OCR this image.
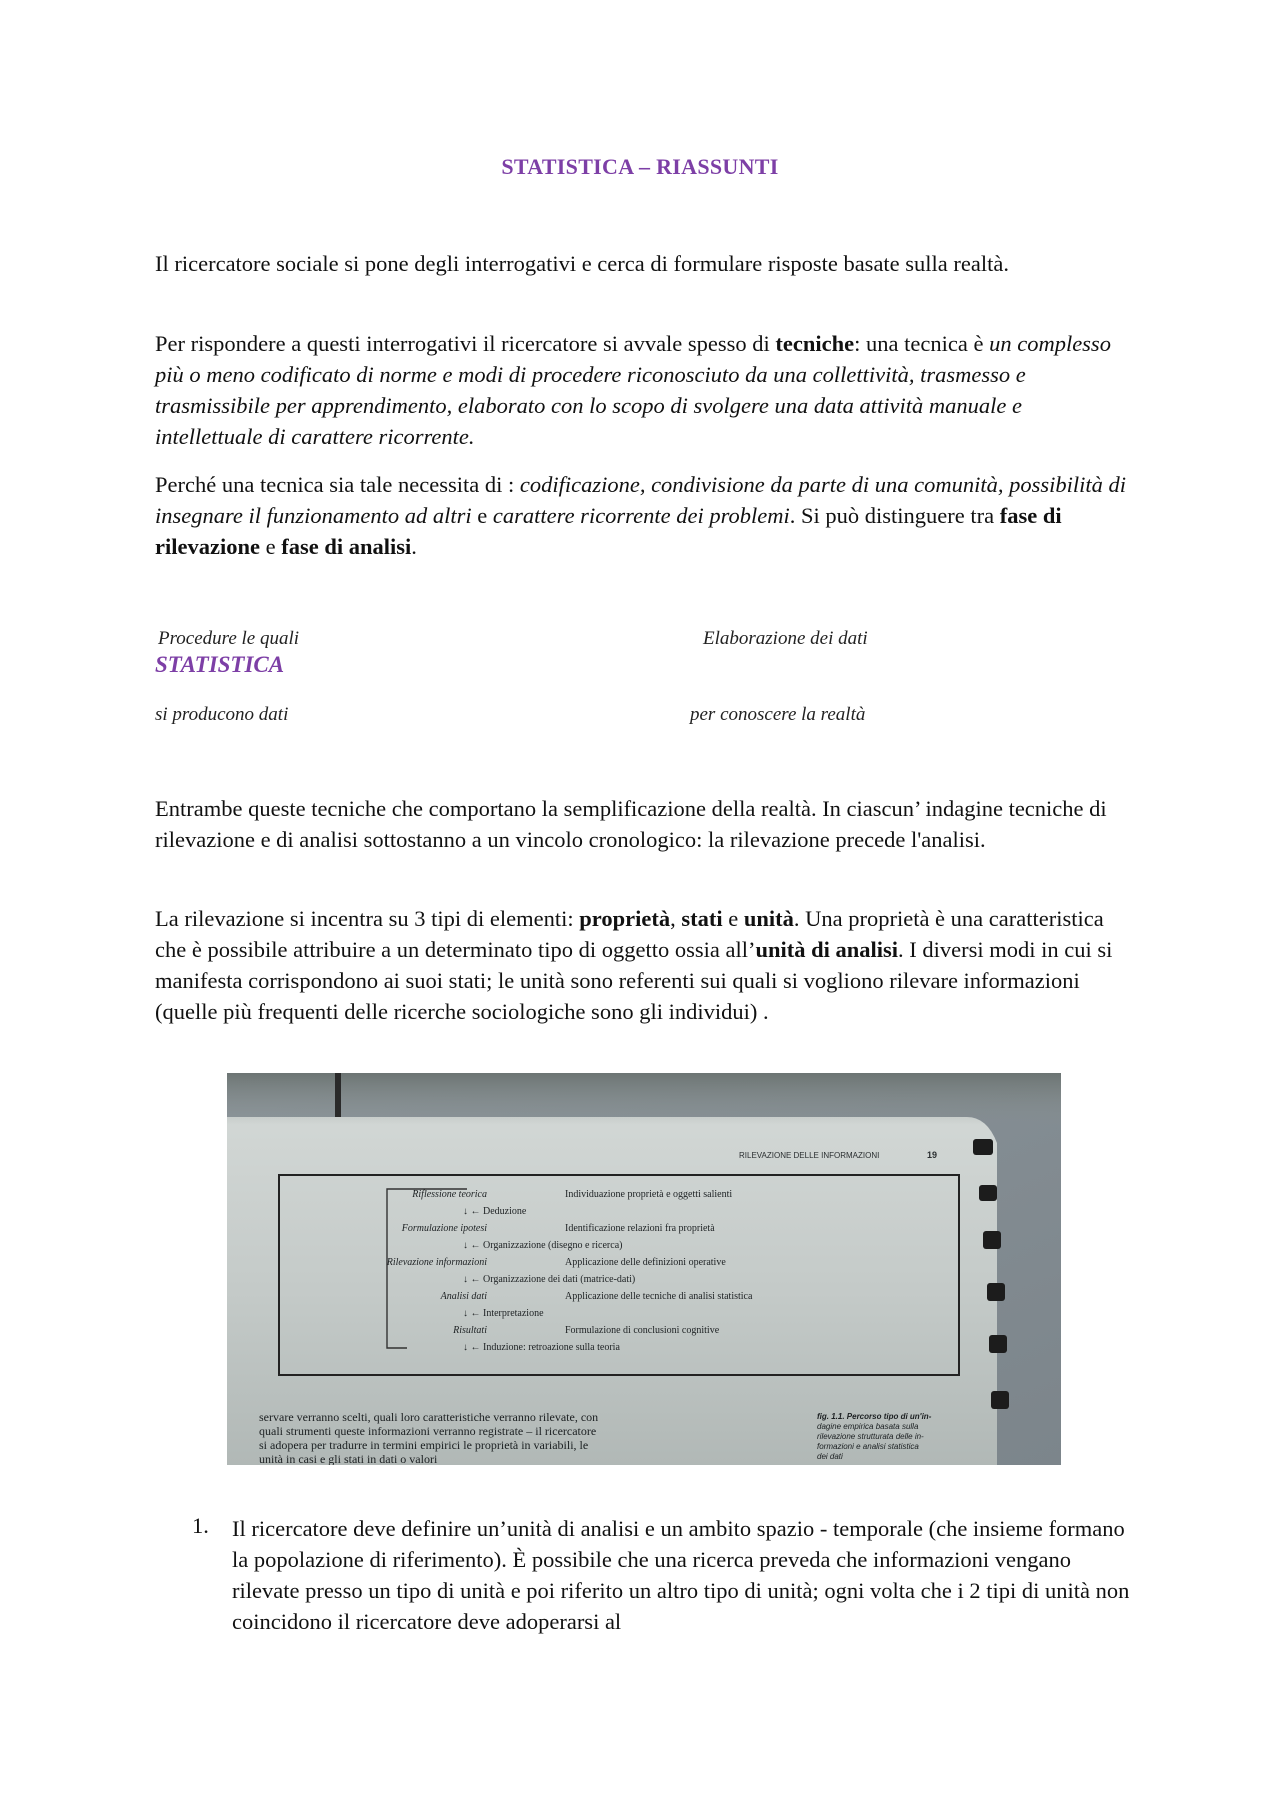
STATISTICA – RIASSUNTI

Il ricercatore sociale si pone degli interrogativi e cerca di formulare risposte basate sulla realtà.

Per rispondere a questi interrogativi il ricercatore si avvale spesso di tecniche: una tecnica è un complesso più o meno codificato di norme e modi di procedere riconosciuto da una collettività, trasmesso e trasmissibile per apprendimento, elaborato con lo scopo di svolgere una data attività manuale e intellettuale di carattere ricorrente.

Perché una tecnica sia tale necessita di : codificazione, condivisione da parte di una comunità, possibilità di insegnare il funzionamento ad altri e carattere ricorrente dei problemi. Si può distinguere tra fase di rilevazione e fase di analisi.

Procedure le quali	Elaborazione dei dati
STATISTICA
si producono dati	per conoscere la realtà

Entrambe queste tecniche che comportano la semplificazione della realtà. In ciascun’ indagine tecniche di rilevazione e di analisi sottostanno a un vincolo cronologico: la rilevazione precede l'analisi.

La rilevazione si incentra su 3 tipi di elementi: proprietà, stati e unità. Una proprietà è una caratteristica che è possibile attribuire a un determinato tipo di oggetto ossia all’unità di analisi. I diversi modi in cui si manifesta corrispondono ai suoi stati; le unità sono referenti sui quali si vogliono rilevare informazioni (quelle più frequenti delle ricerche sociologiche sono gli individui) .

RILEVAZIONE DELLE INFORMAZIONI	19
Riflessione teorica	Individuazione proprietà e oggetti salienti
↓ ← Deduzione
Formulazione ipotesi	Identificazione relazioni fra proprietà
↓ ← Organizzazione (disegno e ricerca)
Rilevazione informazioni	Applicazione delle definizioni operative
↓ ← Organizzazione dei dati (matrice-dati)
Analisi dati	Applicazione delle tecniche di analisi statistica
↓ ← Interpretazione
Risultati	Formulazione di conclusioni cognitive
↓ ← Induzione: retroazione sulla teoria
servare verranno scelti, quali loro caratteristiche verranno rilevate, con
quali strumenti queste informazioni verranno registrate – il ricercatore
si adopera per tradurre in termini empirici le proprietà in variabili, le
unità in casi e gli stati in dati o valori
fig. 1.1. Percorso tipo di un'in-
dagine empirica basata sulla
rilevazione strutturata delle in-
formazioni e analisi statistica
dei dati
1. Il ricercatore deve definire un’unità di analisi e un ambito spazio - temporale (che insieme formano la popolazione di riferimento). È possibile che una ricerca preveda che informazioni vengano rilevate presso un tipo di unità e poi riferito un altro tipo di unità; ogni volta che i 2 tipi di unità non coincidono il ricercatore deve adoperarsi al
